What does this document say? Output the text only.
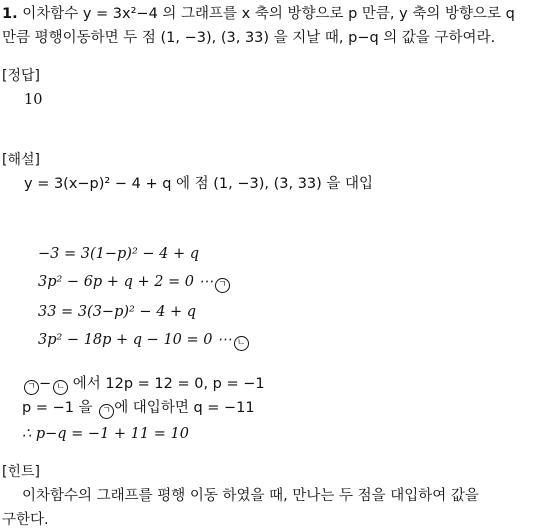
1. 이차함수 y = 3x²−4 의 그래프를 x 축의 방향으로 p 만큼, y 축의 방향으로 q
만큼 평행이동하면 두 점 (1, −3), (3, 33) 을 지날 때, p−q 의 값을 구하여라.
[정답]
10
[해설]
y = 3(x−p)² − 4 + q 에 점 (1, −3), (3, 33) 을 대입
−3 = 3(1−p)² − 4 + q
3p² − 6p + q + 2 = 0 ⋯ ㄱ
33 = 3(3−p)² − 4 + q
3p² − 18p + q − 10 = 0 ⋯ ㄴ
ㄱ − ㄴ 에서 12p = 12 = 0, p = −1
p = −1 을 ㄱ 에 대입하면 q = −11
∴ p−q = −1 + 11 = 10
[힌트]
이차함수의 그래프를 평행 이동 하였을 때, 만나는 두 점을 대입하여 값을
구한다.
